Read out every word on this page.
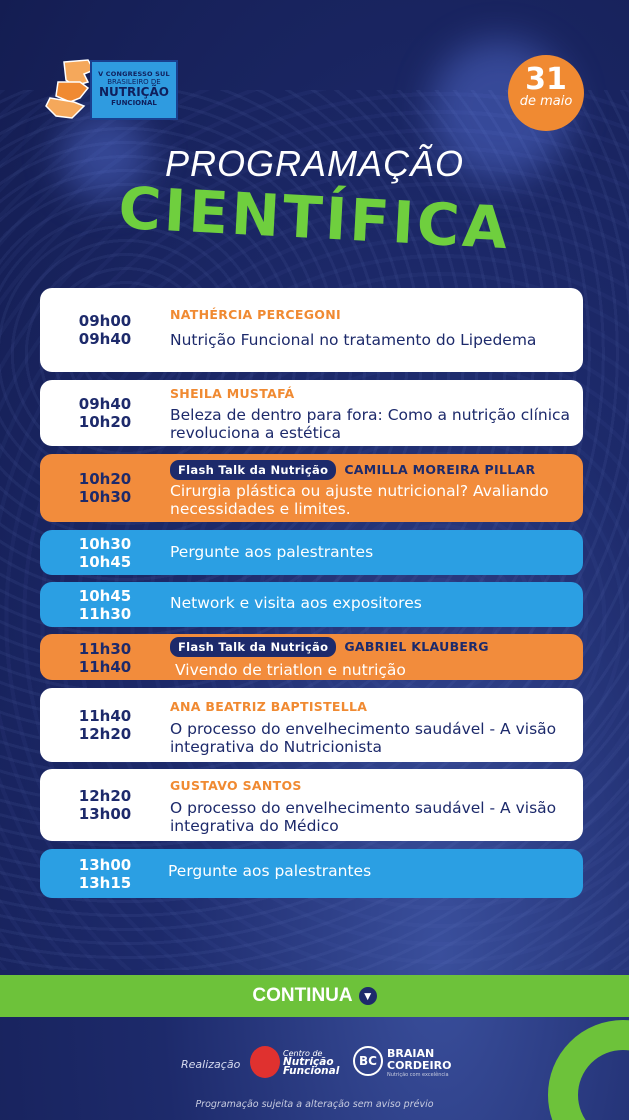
V CONGRESSO SUL
BRASILEIRO DE
NUTRIÇÃO
FUNCIONAL
31
de maio
PROGRAMAÇÃO
CIENTÍFICA
09h00
09h40
NATHÉRCIA PERCEGONI
Nutrição Funcional no tratamento do Lipedema
09h40
10h20
SHEILA MUSTAFÁ
Beleza de dentro para fora: Como a nutrição clínica revoluciona a estética
10h20
10h30
Flash Talk da Nutrição CAMILLA MOREIRA PILLAR
Cirurgia plástica ou ajuste nutricional? Avaliando necessidades e limites.
10h30
10h45
Pergunte aos palestrantes
10h45
11h30
Network e visita aos expositores
11h30
11h40
Flash Talk da Nutrição GABRIEL KLAUBERG
Vivendo de triatlon e nutrição
11h40
12h20
ANA BEATRIZ BAPTISTELLA
O processo do envelhecimento saudável - A visão integrativa do Nutricionista
12h20
13h00
GUSTAVO SANTOS
O processo do envelhecimento saudável - A visão integrativa do Médico
13h00
13h15
Pergunte aos palestrantes
CONTINUA ▼
Realização
Centro de
Nutrição
Funcional
BC
BRAIAN
CORDEIRO
Nutrição com excelência
Programação sujeita a alteração sem aviso prévio
